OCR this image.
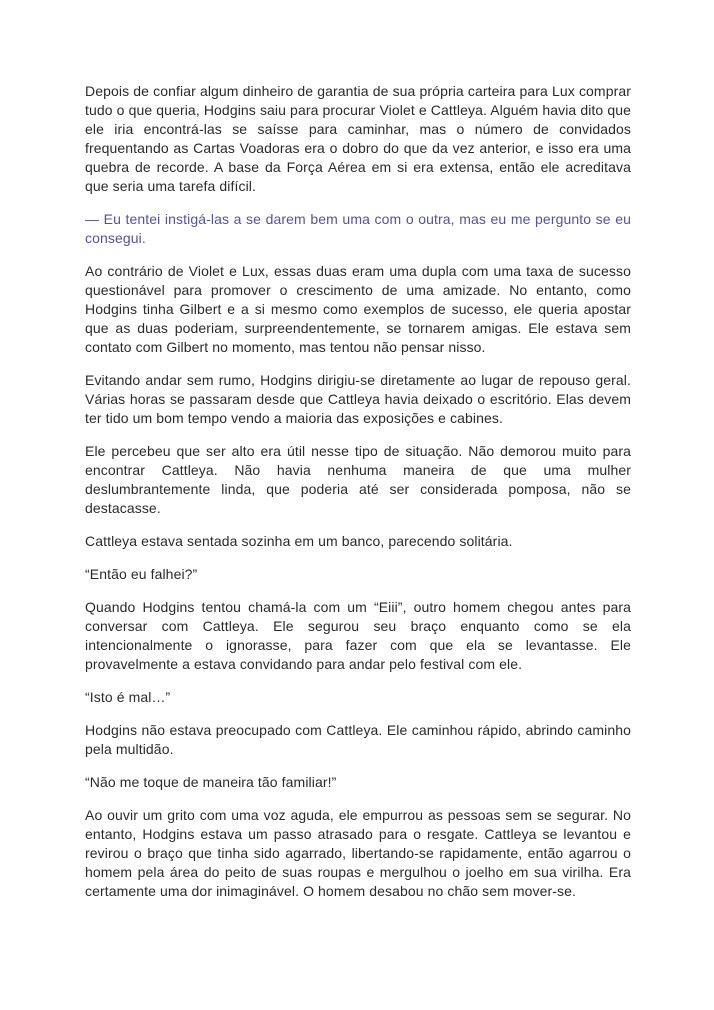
Depois de confiar algum dinheiro de garantia de sua própria carteira para Lux comprar tudo o que queria, Hodgins saiu para procurar Violet e Cattleya. Alguém havia dito que ele iria encontrá-las se saísse para caminhar, mas o número de convidados frequentando as Cartas Voadoras era o dobro do que da vez anterior, e isso era uma quebra de recorde. A base da Força Aérea em si era extensa, então ele acreditava que seria uma tarefa difícil.

— Eu tentei instigá-las a se darem bem uma com o outra, mas eu me pergunto se eu consegui.

Ao contrário de Violet e Lux, essas duas eram uma dupla com uma taxa de sucesso questionável para promover o crescimento de uma amizade. No entanto, como Hodgins tinha Gilbert e a si mesmo como exemplos de sucesso, ele queria apostar que as duas poderiam, surpreendentemente, se tornarem amigas. Ele estava sem contato com Gilbert no momento, mas tentou não pensar nisso.

Evitando andar sem rumo, Hodgins dirigiu-se diretamente ao lugar de repouso geral. Várias horas se passaram desde que Cattleya havia deixado o escritório. Elas devem ter tido um bom tempo vendo a maioria das exposições e cabines.

Ele percebeu que ser alto era útil nesse tipo de situação. Não demorou muito para encontrar Cattleya. Não havia nenhuma maneira de que uma mulher deslumbrantemente linda, que poderia até ser considerada pomposa, não se destacasse.

Cattleya estava sentada sozinha em um banco, parecendo solitária.

“Então eu falhei?”

Quando Hodgins tentou chamá-la com um “Eiii”, outro homem chegou antes para conversar com Cattleya. Ele segurou seu braço enquanto como se ela intencionalmente o ignorasse, para fazer com que ela se levantasse. Ele provavelmente a estava convidando para andar pelo festival com ele.

“Isto é mal…”

Hodgins não estava preocupado com Cattleya. Ele caminhou rápido, abrindo caminho pela multidão.

“Não me toque de maneira tão familiar!”

Ao ouvir um grito com uma voz aguda, ele empurrou as pessoas sem se segurar. No entanto, Hodgins estava um passo atrasado para o resgate. Cattleya se levantou e revirou o braço que tinha sido agarrado, libertando-se rapidamente, então agarrou o homem pela área do peito de suas roupas e mergulhou o joelho em sua virilha. Era certamente uma dor inimaginável. O homem desabou no chão sem mover-se.
